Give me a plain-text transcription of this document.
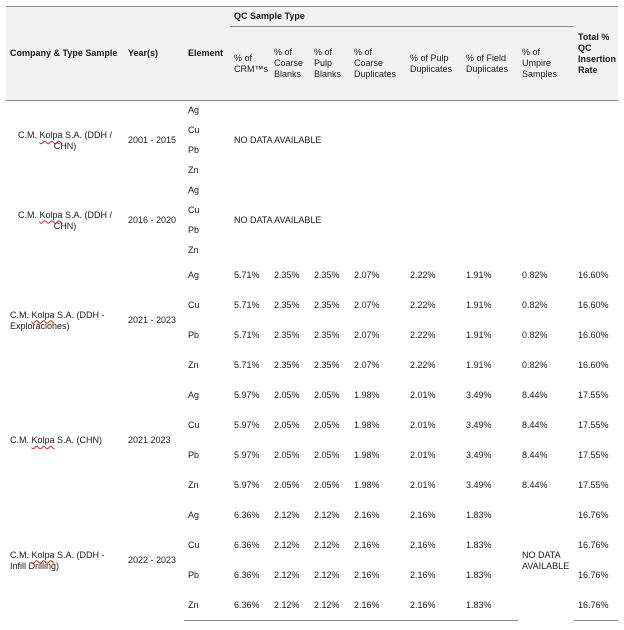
Company & Type Sample	Year(s)	Element	QC Sample Type							Total % QC Insertion Rate
			% of CRM™s	% of Coarse Blanks	% of Pulp Blanks	% of Coarse Duplicates	% of Pulp Duplicates	% of Field Duplicates	% of Umpire Samples	
C.M. Kolpa S.A. (DDH / CHN)	2001 - 2015	Ag	NO DATA AVAILABLE							
		Cu								
		Pb								
		Zn								
C.M. Kolpa S.A. (DDH / CHN)	2016 - 2020	Ag	NO DATA AVAILABLE							
		Cu								
		Pb								
		Zn								
C.M. Kolpa S.A. (DDH - Exploraciones)	2021 - 2023	Ag	5.71%	2.35%	2.35%	2.07%	2.22%	1.91%	0.82%	16.60%
		Cu	5.71%	2.35%	2.35%	2.07%	2.22%	1.91%	0.82%	16.60%
		Pb	5.71%	2.35%	2.35%	2.07%	2.22%	1.91%	0.82%	16.60%
		Zn	5.71%	2.35%	2.35%	2.07%	2.22%	1.91%	0.82%	16.60%
C.M. Kolpa S.A. (CHN)	2021 2023	Ag	5.97%	2.05%	2.05%	1.98%	2.01%	3.49%	8.44%	17.55%
		Cu	5.97%	2.05%	2.05%	1.98%	2.01%	3.49%	8.44%	17.55%
		Pb	5.97%	2.05%	2.05%	1.98%	2.01%	3.49%	8.44%	17.55%
		Zn	5.97%	2.05%	2.05%	1.98%	2.01%	3.49%	8.44%	17.55%
C.M. Kolpa S.A. (DDH - Infill Drilling)	2022 - 2023	Ag	6.36%	2.12%	2.12%	2.16%	2.16%	1.83%	NO DATA AVAILABLE	16.76%
		Cu	6.36%	2.12%	2.12%	2.16%	2.16%	1.83%		16.76%
		Pb	6.36%	2.12%	2.12%	2.16%	2.16%	1.83%		16.76%
		Zn	6.36%	2.12%	2.12%	2.16%	2.16%	1.83%		16.76%
